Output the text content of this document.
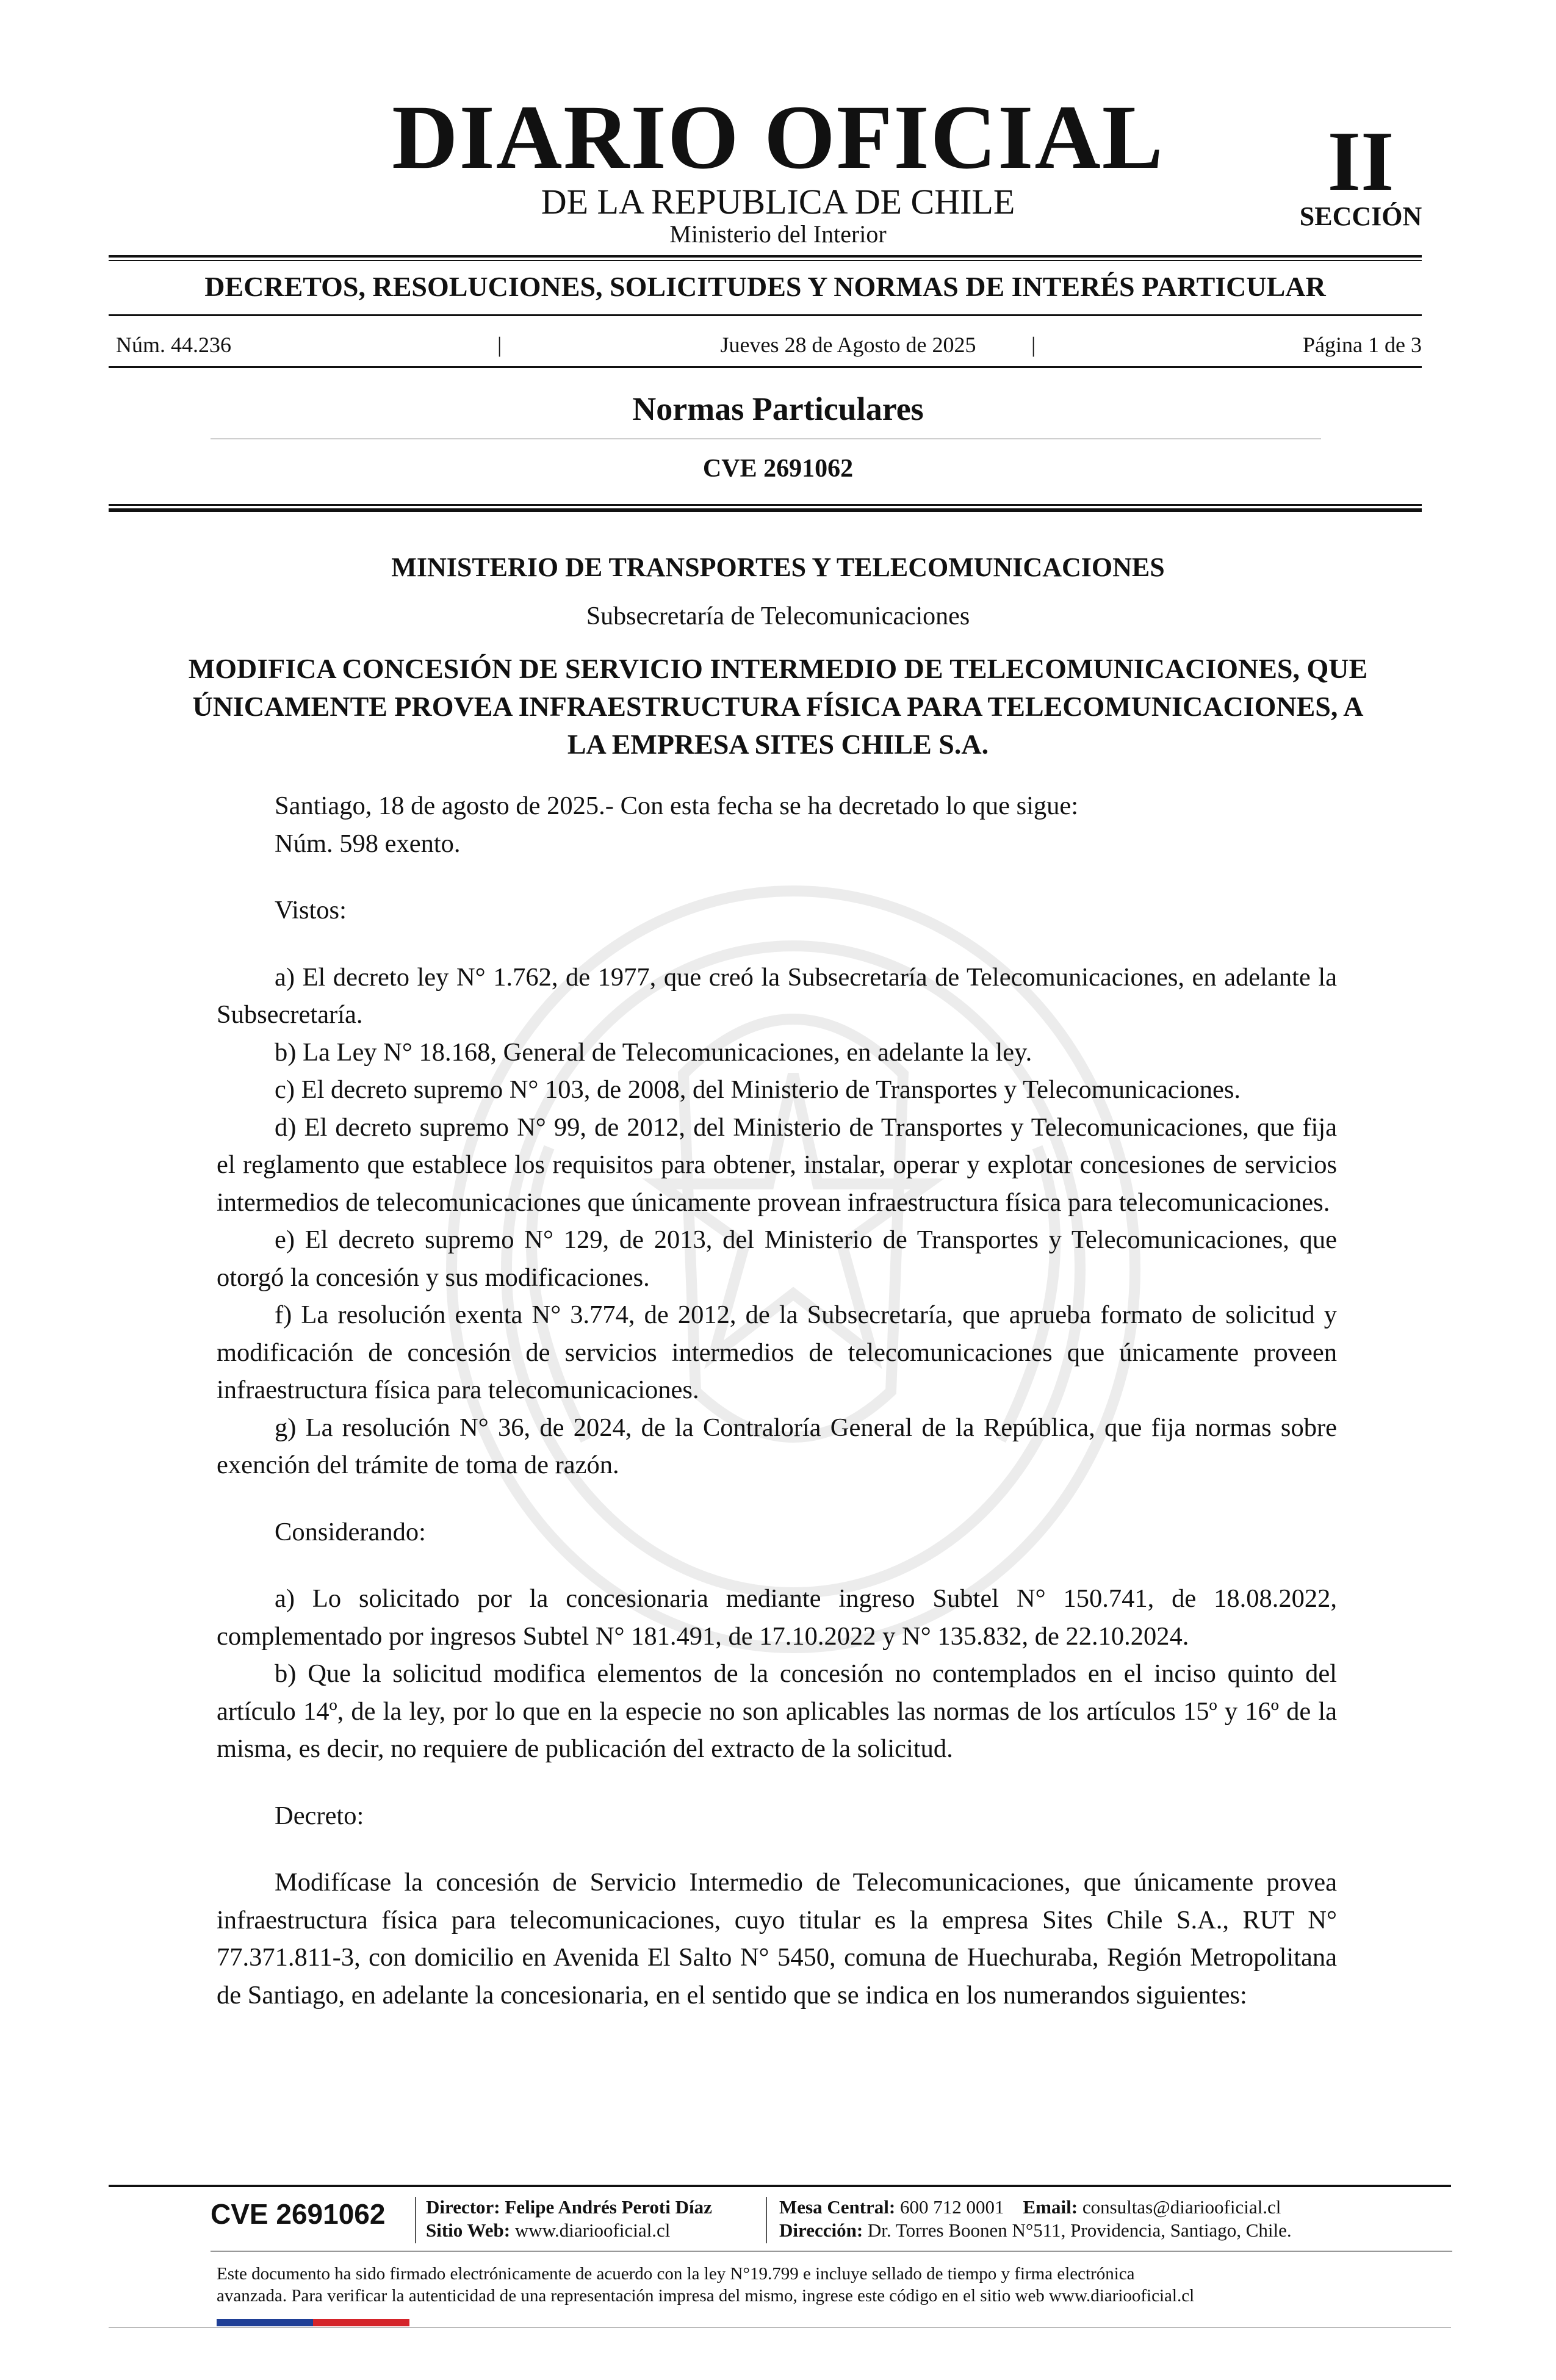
DIARIO OFICIAL
DE LA REPUBLICA DE CHILE
Ministerio del Interior
II
SECCIÓN
DECRETOS, RESOLUCIONES, SOLICITUDES Y NORMAS DE INTERÉS PARTICULAR
Núm. 44.236	|	Jueves 28 de Agosto de 2025	|	Página 1 de 3
Normas Particulares
CVE 2691062
MINISTERIO DE TRANSPORTES Y TELECOMUNICACIONES
Subsecretaría de Telecomunicaciones

MODIFICA CONCESIÓN DE SERVICIO INTERMEDIO DE TELECOMUNICACIONES, QUE ÚNICAMENTE PROVEA INFRAESTRUCTURA FÍSICA PARA TELECOMUNICACIONES, A LA EMPRESA SITES CHILE S.A.

Santiago, 18 de agosto de 2025.- Con esta fecha se ha decretado lo que sigue:

Núm. 598 exento.

Vistos:

a) El decreto ley N° 1.762, de 1977, que creó la Subsecretaría de Telecomunicaciones, en adelante la Subsecretaría.

b) La Ley N° 18.168, General de Telecomunicaciones, en adelante la ley.

c) El decreto supremo N° 103, de 2008, del Ministerio de Transportes y Telecomunicaciones.

d) El decreto supremo N° 99, de 2012, del Ministerio de Transportes y Telecomunicaciones, que fija el reglamento que establece los requisitos para obtener, instalar, operar y explotar concesiones de servicios intermedios de telecomunicaciones que únicamente provean infraestructura física para telecomunicaciones.

e) El decreto supremo N° 129, de 2013, del Ministerio de Transportes y Telecomunicaciones, que otorgó la concesión y sus modificaciones.

f) La resolución exenta N° 3.774, de 2012, de la Subsecretaría, que aprueba formato de solicitud y modificación de concesión de servicios intermedios de telecomunicaciones que únicamente proveen infraestructura física para telecomunicaciones.

g) La resolución N° 36, de 2024, de la Contraloría General de la República, que fija normas sobre exención del trámite de toma de razón.

Considerando:

a) Lo solicitado por la concesionaria mediante ingreso Subtel N° 150.741, de 18.08.2022, complementado por ingresos Subtel N° 181.491, de 17.10.2022 y N° 135.832, de 22.10.2024.

b) Que la solicitud modifica elementos de la concesión no contemplados en el inciso quinto del artículo 14º, de la ley, por lo que en la especie no son aplicables las normas de los artículos 15º y 16º de la misma, es decir, no requiere de publicación del extracto de la solicitud.

Decreto:

Modifícase la concesión de Servicio Intermedio de Telecomunicaciones, que únicamente provea infraestructura física para telecomunicaciones, cuyo titular es la empresa Sites Chile S.A., RUT N° 77.371.811-3, con domicilio en Avenida El Salto N° 5450, comuna de Huechuraba, Región Metropolitana de Santiago, en adelante la concesionaria, en el sentido que se indica en los numerandos siguientes:

CVE 2691062 Director: Felipe Andrés Peroti Díaz
Sitio Web: www.diariooficial.cl
Mesa Central: 600 712 0001 Email: consultas@diariooficial.cl
Dirección: Dr. Torres Boonen N°511, Providencia, Santiago, Chile.
Este documento ha sido firmado electrónicamente de acuerdo con la ley N°19.799 e incluye sellado de tiempo y firma electrónica
avanzada. Para verificar la autenticidad de una representación impresa del mismo, ingrese este código en el sitio web www.diariooficial.cl
